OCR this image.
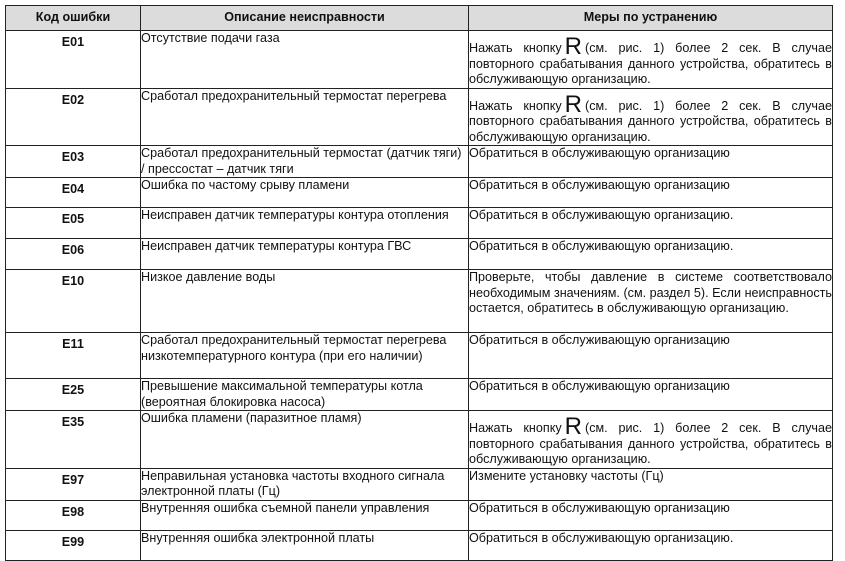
Код ошибки	Описание неисправности	Меры по устранению
E01	Отсутствие подачи газа	Нажать кнопку R (см. рис. 1) более 2 сек. В случае повторного срабатывания данного устройства, обратитесь в обслуживающую организацию.

E02	Сработал предохранительный термостат перегрева	Нажать кнопку R (см. рис. 1) более 2 сек. В случае повторного срабатывания данного устройства, обратитесь в обслуживающую организацию.

E03	Сработал предохранительный термостат (датчик тяги) / прессостат – датчик тяги	Обратиться в обслуживающую организацию

E04	Ошибка по частому срыву пламени	Обратиться в обслуживающую организацию

E05	Неисправен датчик температуры контура отопления	Обратиться в обслуживающую организацию.

E06	Неисправен датчик температуры контура ГВС	Обратиться в обслуживающую организацию.

E10	Низкое давление воды	Проверьте, чтобы давление в системе соответствовало необходимым значениям. (см. раздел 5). Если неисправность остается, обратитесь в обслуживающую организацию.

E11	Сработал предохранительный термостат перегрева низкотемпературного контура (при его наличии)	Обратиться в обслуживающую организацию

E25	Превышение максимальной температуры котла (вероятная блокировка насоса)	Обратиться в обслуживающую организацию

E35	Ошибка пламени (паразитное пламя)	Нажать кнопку R (см. рис. 1) более 2 сек. В случае повторного срабатывания данного устройства, обратитесь в обслуживающую организацию.

E97	Неправильная установка частоты входного сигнала электронной платы (Гц)	Измените установку частоты (Гц)

E98	Внутренняя ошибка съемной панели управления	Обратиться в обслуживающую организацию

E99	Внутренняя ошибка электронной платы	Обратиться в обслуживающую организацию.
